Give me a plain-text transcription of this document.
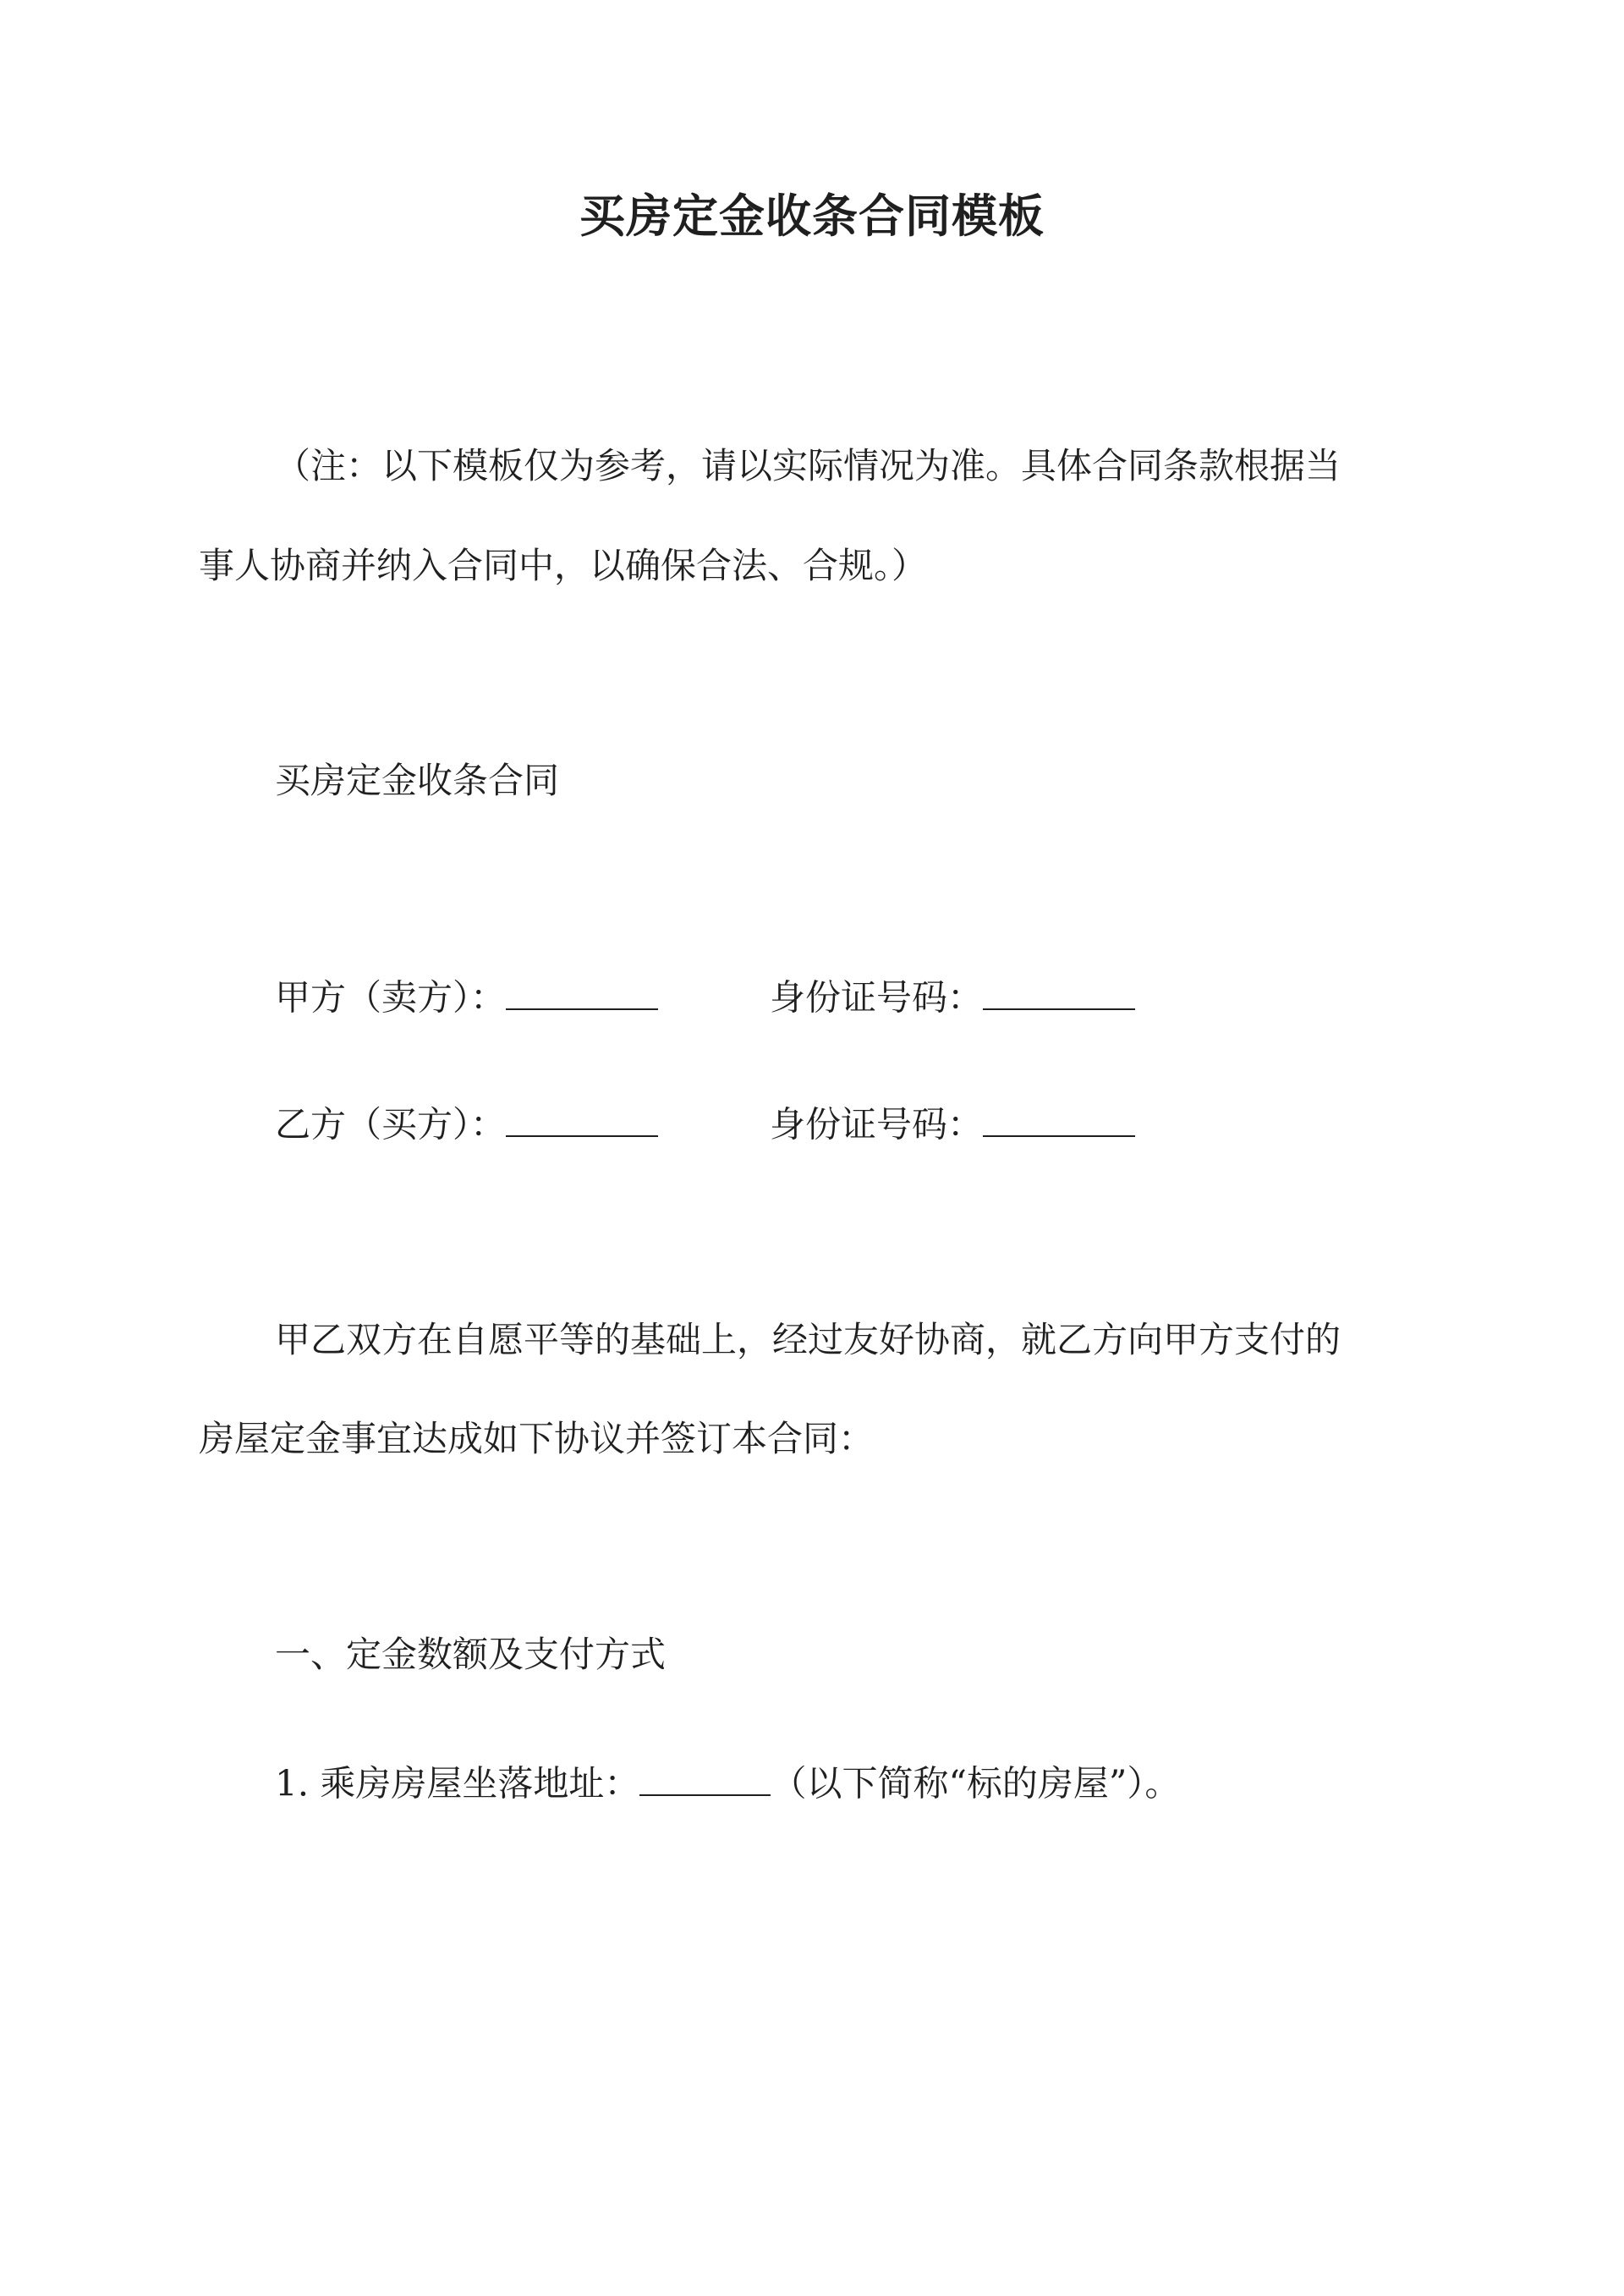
买房定金收条合同模板
（注：以下模板仅为参考，请以实际情况为准。具体合同条款根据当
事人协商并纳入合同中，以确保合法、合规。）
买房定金收条合同
甲方（卖方）：	身份证号码：
乙方（买方）：	身份证号码：
甲乙双方在自愿平等的基础上，经过友好协商，就乙方向甲方支付的
房屋定金事宜达成如下协议并签订本合同：
一、定金数额及支付方式
1. 乘房房屋坐落地址：	（以下简称“标的房屋”）。
